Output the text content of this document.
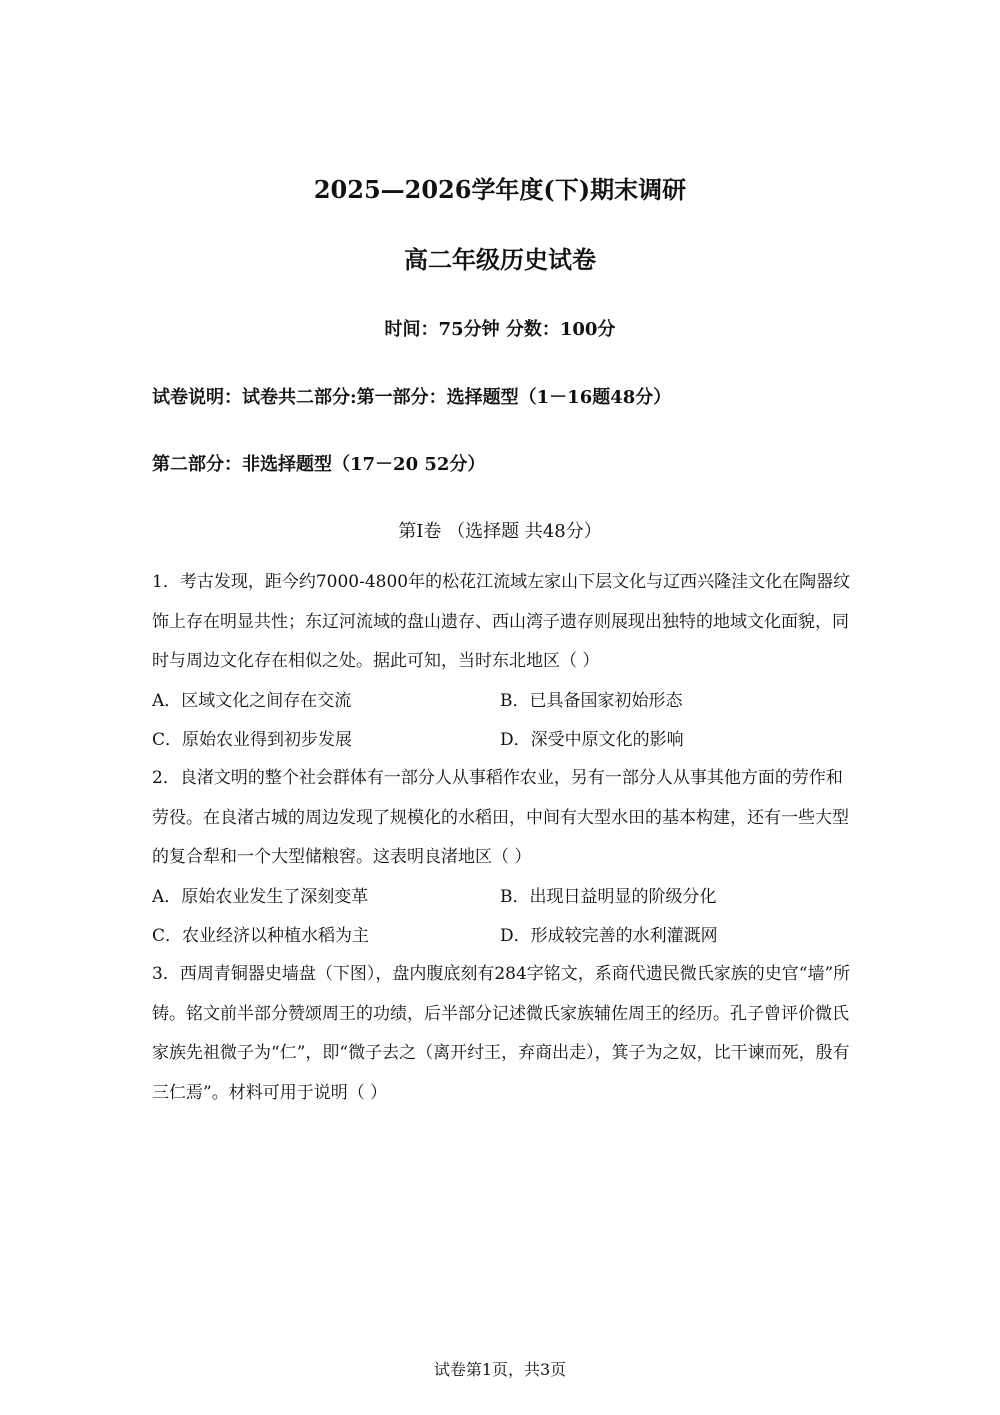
2025—2026学年度(下)期末调研
高二年级历史试卷
时间：75分钟 分数：100分
试卷说明：试卷共二部分:第一部分：选择题型（1－16题48分）
第二部分：非选择题型（17－20 52分）
第Ⅰ卷 （选择题 共48分）
1．考古发现，距今约7000-4800年的松花江流域左家山下层文化与辽西兴隆洼文化在陶器纹饰上存在明显共性；东辽河流域的盘山遗存、西山湾子遗存则展现出独特的地域文化面貌，同时与周边文化存在相似之处。据此可知，当时东北地区（ ）
A．区域文化之间存在交流	B．已具备国家初始形态
C．原始农业得到初步发展	D．深受中原文化的影响
2．良渚文明的整个社会群体有一部分人从事稻作农业，另有一部分人从事其他方面的劳作和劳役。在良渚古城的周边发现了规模化的水稻田，中间有大型水田的基本构建，还有一些大型的复合犁和一个大型储粮窖。这表明良渚地区（ ）
A．原始农业发生了深刻变革	B．出现日益明显的阶级分化
C．农业经济以种植水稻为主	D．形成较完善的水利灌溉网
3．西周青铜器史墙盘（下图），盘内腹底刻有284字铭文，系商代遗民微氏家族的史官“墙”所铸。铭文前半部分赞颂周王的功绩，后半部分记述微氏家族辅佐周王的经历。孔子曾评价微氏家族先祖微子为“仁”，即“微子去之（离开纣王，弃商出走），箕子为之奴，比干谏而死，殷有三仁焉”。材料可用于说明（ ）
试卷第1页，共3页
